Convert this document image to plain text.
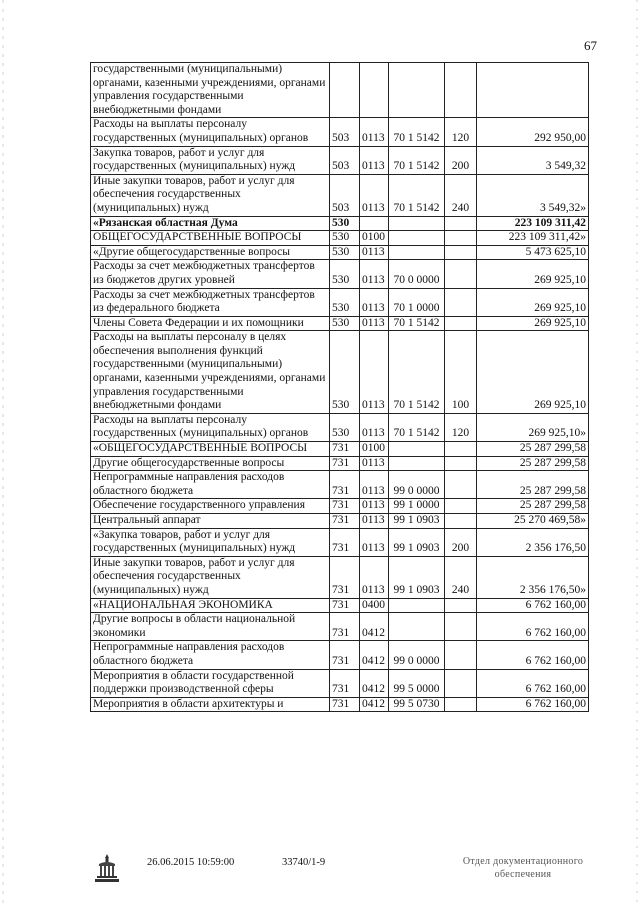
67
государственными (муниципальными) органами, казенными учреждениями, органами управления государственными внебюджетными фондами					
Расходы на выплаты персоналу государственных (муниципальных) органов	503	0113	70 1 5142	120	292 950,00
Закупка товаров, работ и услуг для государственных (муниципальных) нужд	503	0113	70 1 5142	200	3 549,32
Иные закупки товаров, работ и услуг для обеспечения государственных (муниципальных) нужд	503	0113	70 1 5142	240	3 549,32»
«Рязанская областная Дума	530				223 109 311,42
ОБЩЕГОСУДАРСТВЕННЫЕ ВОПРОСЫ	530	0100			223 109 311,42»
«Другие общегосударственные вопросы	530	0113			5 473 625,10
Расходы за счет межбюджетных трансфертов из бюджетов других уровней	530	0113	70 0 0000		269 925,10
Расходы за счет межбюджетных трансфертов из федерального бюджета	530	0113	70 1 0000		269 925,10
Члены Совета Федерации и их помощники	530	0113	70 1 5142		269 925,10
Расходы на выплаты персоналу в целях обеспечения выполнения функций государственными (муниципальными) органами, казенными учреждениями, органами управления государственными внебюджетными фондами	530	0113	70 1 5142	100	269 925,10
Расходы на выплаты персоналу государственных (муниципальных) органов	530	0113	70 1 5142	120	269 925,10»
«ОБЩЕГОСУДАРСТВЕННЫЕ ВОПРОСЫ	731	0100			25 287 299,58
Другие общегосударственные вопросы	731	0113			25 287 299,58
Непрограммные направления расходов областного бюджета	731	0113	99 0 0000		25 287 299,58
Обеспечение государственного управления	731	0113	99 1 0000		25 287 299,58
Центральный аппарат	731	0113	99 1 0903		25 270 469,58»
«Закупка товаров, работ и услуг для государственных (муниципальных) нужд	731	0113	99 1 0903	200	2 356 176,50
Иные закупки товаров, работ и услуг для обеспечения государственных (муниципальных) нужд	731	0113	99 1 0903	240	2 356 176,50»
«НАЦИОНАЛЬНАЯ ЭКОНОМИКА	731	0400			6 762 160,00
Другие вопросы в области национальной экономики	731	0412			6 762 160,00
Непрограммные направления расходов областного бюджета	731	0412	99 0 0000		6 762 160,00
Мероприятия в области государственной поддержки производственной сферы	731	0412	99 5 0000		6 762 160,00
Мероприятия в области архитектуры и	731	0412	99 5 0730		6 762 160,00
26.06.2015 10:59:00	33740/1-9	Отдел документационного
обеспечения
